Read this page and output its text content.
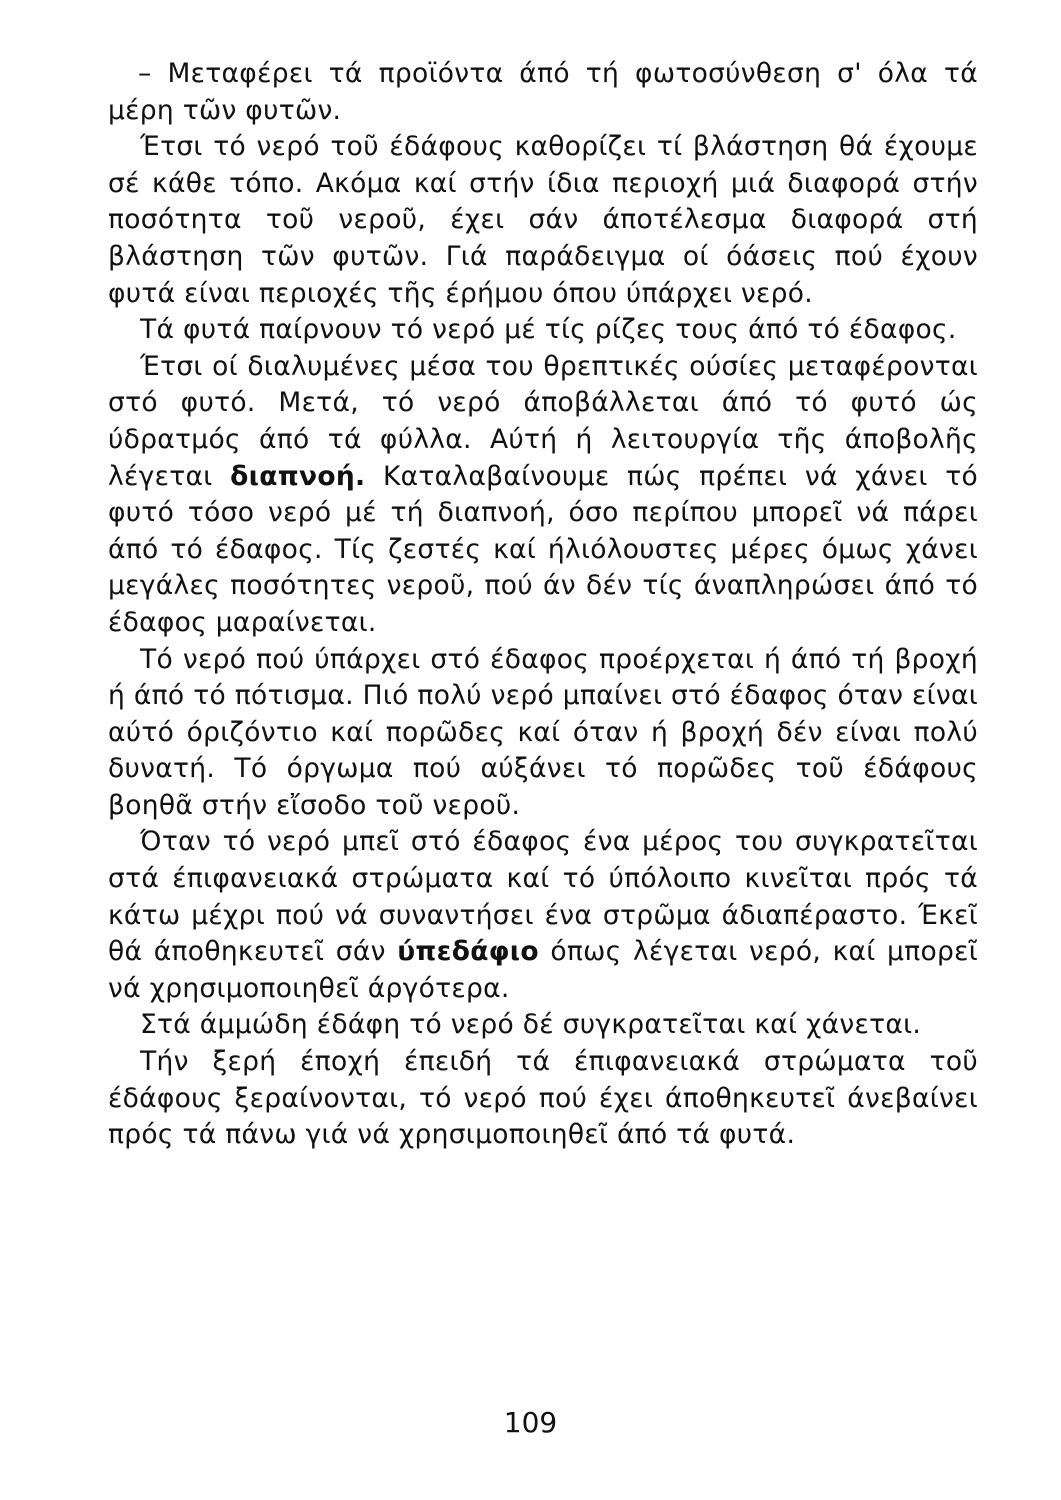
– Μεταφέρει τά προϊόντα άπό τή φωτοσύνθεση σ' όλα τά μέρη τῶν φυτῶν.

Έτσι τό νερό τοῦ έδάφους καθορίζει τί βλάστηση θά έχουμε σέ κάθε τόπο. Ακόμα καί στήν ίδια περιοχή μιά διαφορά στήν ποσότητα τοῦ νεροῦ, έχει σάν άποτέλεσμα διαφορά στή βλάστηση τῶν φυτῶν. Γιά παράδειγμα οί όάσεις πού έχουν φυτά είναι περιοχές τῆς έρήμου όπου ύπάρχει νερό.

Τά φυτά παίρνουν τό νερό μέ τίς ρίζες τους άπό τό έδαφος.

Έτσι οί διαλυμένες μέσα του θρεπτικές ούσίες μεταφέρονται στό φυτό. Μετά, τό νερό άποβάλλεται άπό τό φυτό ώς ύδρατμός άπό τά φύλλα. Αύτή ή λειτουργία τῆς άποβολῆς λέγεται διαπνοή. Καταλαβαίνουμε πώς πρέπει νά χάνει τό φυτό τόσο νερό μέ τή διαπνοή, όσο περίπου μπορεῖ νά πάρει άπό τό έδαφος. Τίς ζεστές καί ήλιόλουστες μέρες όμως χάνει μεγάλες ποσότητες νεροῦ, πού άν δέν τίς άναπληρώσει άπό τό έδαφος μαραίνεται.

Τό νερό πού ύπάρχει στό έδαφος προέρχεται ή άπό τή βροχή ή άπό τό πότισμα. Πιό πολύ νερό μπαίνει στό έδαφος όταν είναι αύτό όριζόντιο καί πορῶδες καί όταν ή βροχή δέν είναι πολύ δυνατή. Τό όργωμα πού αύξάνει τό πορῶδες τοῦ έδάφους βοηθᾶ στήν εἴσοδο τοῦ νεροῦ.

Όταν τό νερό μπεῖ στό έδαφος ένα μέρος του συγκρατεῖται στά έπιφανειακά στρώματα καί τό ύπόλοιπο κινεῖται πρός τά κάτω μέχρι πού νά συναντήσει ένα στρῶμα άδιαπέραστο. Έκεῖ θά άποθηκευτεῖ σάν ύπεδάφιο όπως λέγεται νερό, καί μπορεῖ νά χρησιμοποιηθεῖ άργότερα.

Στά άμμώδη έδάφη τό νερό δέ συγκρατεῖται καί χάνεται.

Τήν ξερή έποχή έπειδή τά έπιφανειακά στρώματα τοῦ έδάφους ξεραίνονται, τό νερό πού έχει άποθηκευτεῖ άνεβαίνει πρός τά πάνω γιά νά χρησιμοποιηθεῖ άπό τά φυτά.

109
